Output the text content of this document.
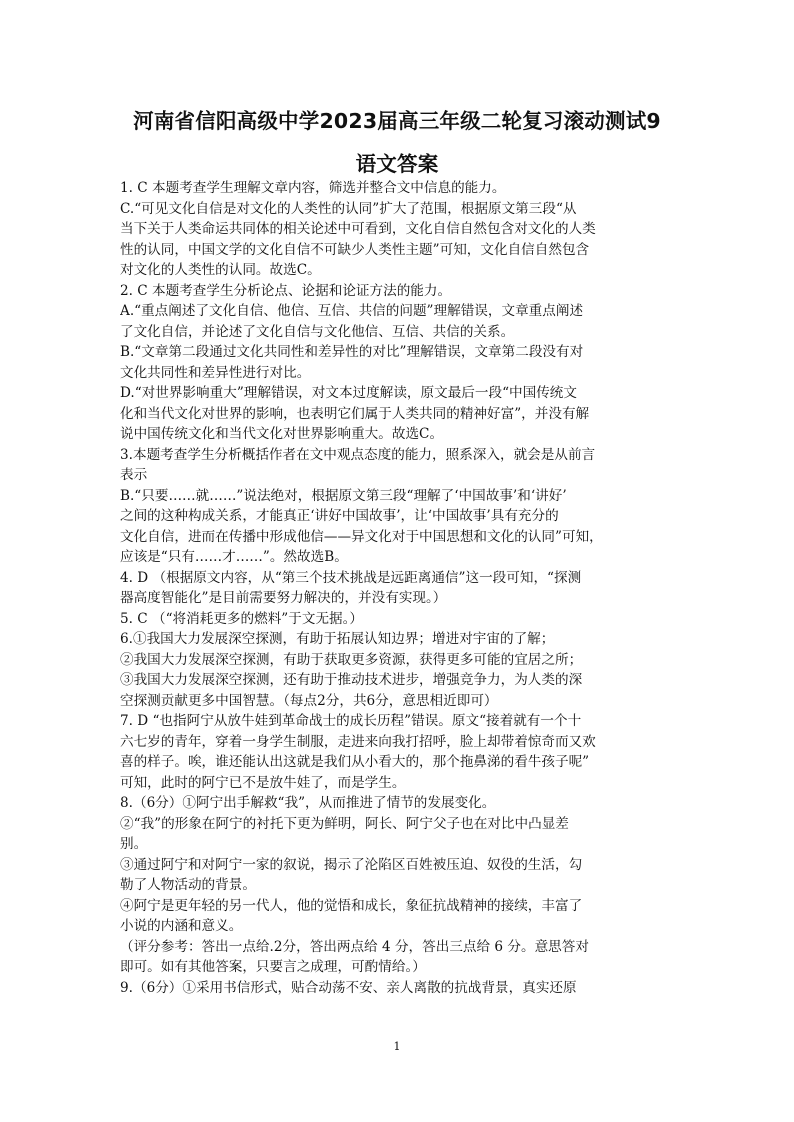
河南省信阳高级中学2023届高三年级二轮复习滚动测试9
语文答案
1. C 本题考查学生理解文章内容，筛选并整合文中信息的能力。
C.“可见文化自信是对文化的人类性的认同”扩大了范围，根据原文第三段“从
当下关于人类命运共同体的相关论述中可看到，文化自信自然包含对文化的人类
性的认同，中国文学的文化自信不可缺少人类性主题”可知，文化自信自然包含
对文化的人类性的认同。故选C。
2. C 本题考查学生分析论点、论据和论证方法的能力。
A.“重点阐述了文化自信、他信、互信、共信的问题”理解错误，文章重点阐述
了文化自信，并论述了文化自信与文化他信、互信、共信的关系。
B.“文章第二段通过文化共同性和差异性的对比”理解错误，文章第二段没有对
文化共同性和差异性进行对比。
D.“对世界影响重大”理解错误，对文本过度解读，原文最后一段“中国传统文
化和当代文化对世界的影响，也表明它们属于人类共同的精神好富”，并没有解
说中国传统文化和当代文化对世界影响重大。故选C。
3.本题考查学生分析概括作者在文中观点态度的能力，照系深入，就会是从前言
表示
B.“只要……就……”说法绝对，根据原文第三段“理解了‘中国故事’和‘讲好’
之间的这种构成关系，才能真正‘讲好中国故事’，让‘中国故事’具有充分的
文化自信，进而在传播中形成他信——异文化对于中国思想和文化的认同”可知，
应该是“只有……才……”。然故选B。
4. D （根据原文内容，从“第三个技术挑战是远距离通信”这一段可知，“探测
器高度智能化”是目前需要努力解决的，并没有实现。）
5. C （“将消耗更多的燃料”于文无据。）
6.①我国大力发展深空探测，有助于拓展认知边界；增进对宇宙的了解；
②我国大力发展深空探测，有助于获取更多资源，获得更多可能的宜居之所；
③我国大力发展深空探测，还有助于推动技术进步，增强竞争力，为人类的深
空探测贡献更多中国智慧。（每点2分，共6分，意思相近即可）
7. D “也指阿宁从放牛娃到革命战士的成长历程”错误。原文“接着就有一个十
六七岁的青年，穿着一身学生制服，走进来向我打招呼，脸上却带着惊奇而又欢
喜的样子。唉，谁还能认出这就是我们从小看大的，那个拖鼻涕的看牛孩子呢”
可知，此时的阿宁已不是放牛娃了，而是学生。
8.（6分）①阿宁出手解救“我”，从而推进了情节的发展变化。
②“我”的形象在阿宁的衬托下更为鲜明，阿长、阿宁父子也在对比中凸显差
别。
③通过阿宁和对阿宁一家的叙说，揭示了沦陷区百姓被压迫、奴役的生活，勾
勒了人物活动的背景。
④阿宁是更年轻的另一代人，他的觉悟和成长，象征抗战精神的接续，丰富了
小说的内涵和意义。
（评分参考：答出一点给.2分，答出两点给 4 分，答出三点给 6 分。意思答对
即可。如有其他答案，只要言之成理，可酌情给。）
9.（6分）①采用书信形式，贴合动荡不安、亲人离散的抗战背景，真实还原
1
